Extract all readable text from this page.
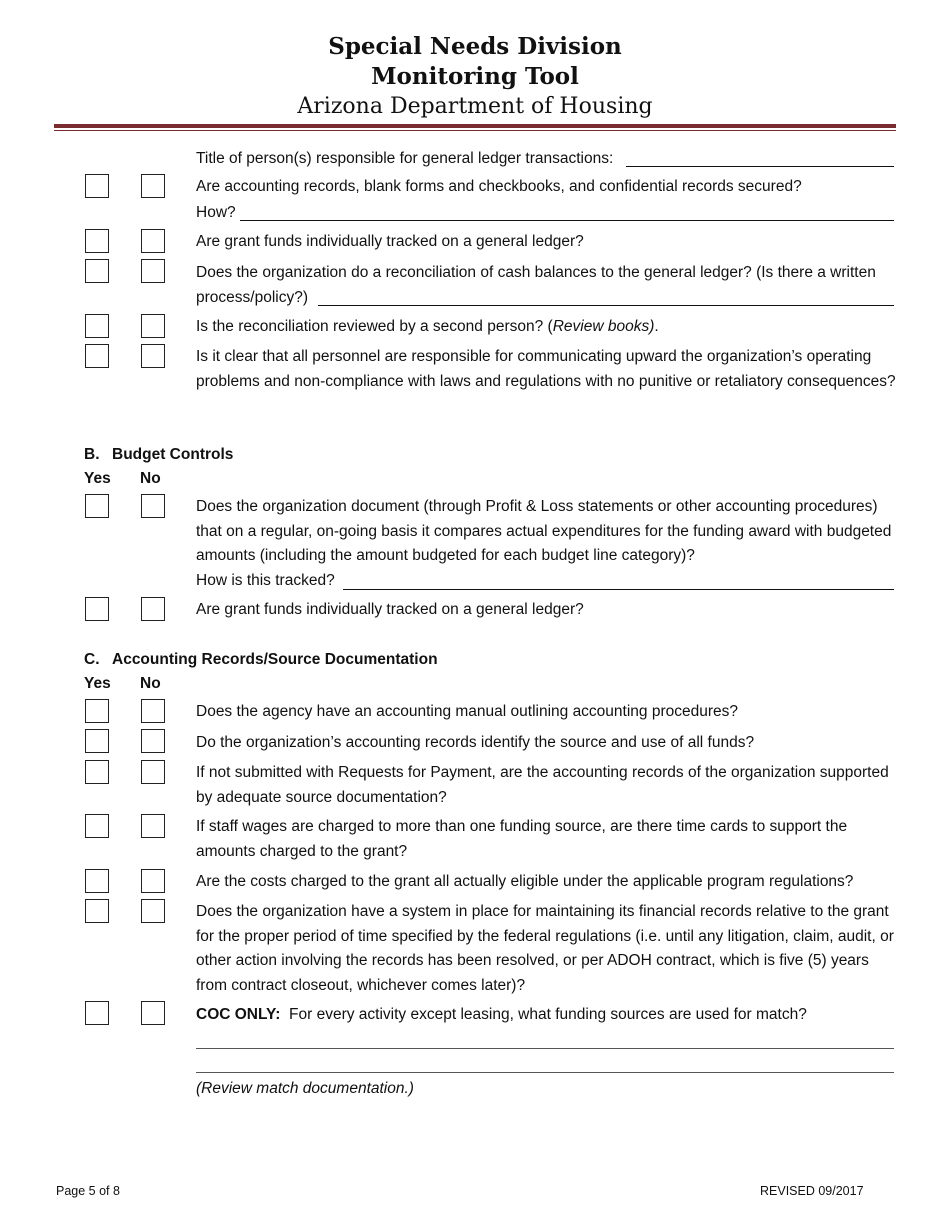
Special Needs Division
Monitoring Tool
Arizona Department of Housing
Title of person(s) responsible for general ledger transactions:
Are accounting records, blank forms and checkbooks, and confidential records secured?
How?
Are grant funds individually tracked on a general ledger?
Does the organization do a reconciliation of cash balances to the general ledger? (Is there a written
process/policy?)
Is the reconciliation reviewed by a second person? (Review books).
Is it clear that all personnel are responsible for communicating upward the organization’s operating problems and non-compliance with laws and regulations with no punitive or retaliatory consequences?
B. Budget Controls
Yes No
Does the organization document (through Profit & Loss statements or other accounting procedures) that on a regular, on-going basis it compares actual expenditures for the funding award with budgeted amounts (including the amount budgeted for each budget line category)?
How is this tracked?
Are grant funds individually tracked on a general ledger?
C. Accounting Records/Source Documentation
Yes No
Does the agency have an accounting manual outlining accounting procedures?
Do the organization’s accounting records identify the source and use of all funds?
If not submitted with Requests for Payment, are the accounting records of the organization supported by adequate source documentation?
If staff wages are charged to more than one funding source, are there time cards to support the amounts charged to the grant?
Are the costs charged to the grant all actually eligible under the applicable program regulations?
Does the organization have a system in place for maintaining its financial records relative to the grant for the proper period of time specified by the federal regulations (i.e. until any litigation, claim, audit, or other action involving the records has been resolved, or per ADOH contract, which is five (5) years from contract closeout, whichever comes later)?
COC ONLY: For every activity except leasing, what funding sources are used for match?
(Review match documentation.)
Page 5 of 8	REVISED 09/2017
